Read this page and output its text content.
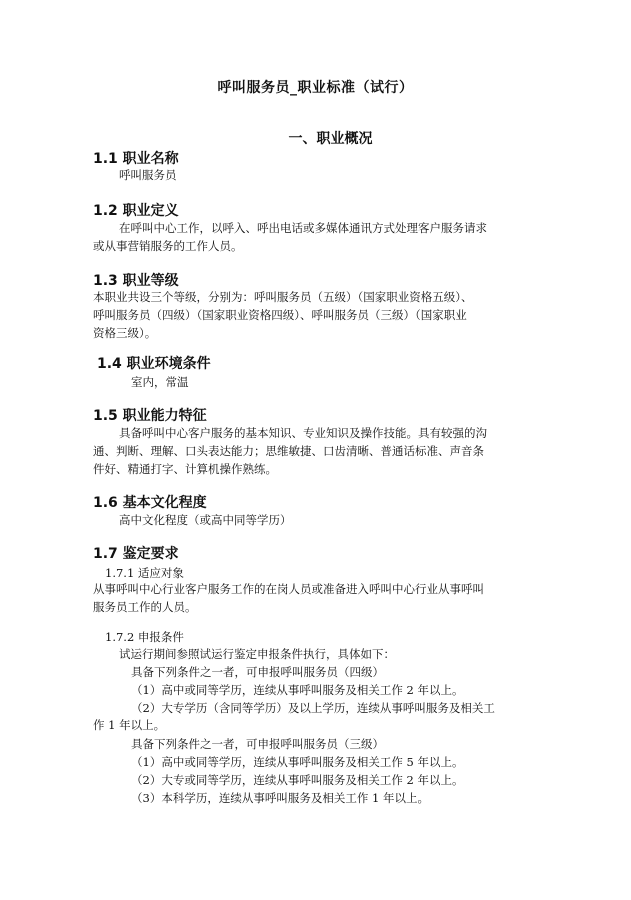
呼叫服务员_职业标准（试行）
一、职业概况
1.1 职业名称
呼叫服务员
1.2 职业定义
在呼叫中心工作，以呼入、呼出电话或多媒体通讯方式处理客户服务请求
或从事营销服务的工作人员。
1.3 职业等级
本职业共设三个等级，分别为：呼叫服务员（五级）（国家职业资格五级）、
呼叫服务员（四级）（国家职业资格四级）、呼叫服务员（三级）（国家职业
资格三级）。
1.4 职业环境条件
室内，常温
1.5 职业能力特征
具备呼叫中心客户服务的基本知识、专业知识及操作技能。具有较强的沟
通、判断、理解、口头表达能力；思维敏捷、口齿清晰、普通话标准、声音条
件好、精通打字、计算机操作熟练。
1.6 基本文化程度
高中文化程度（或高中同等学历）
1.7 鉴定要求
1.7.1 适应对象
从事呼叫中心行业客户服务工作的在岗人员或准备进入呼叫中心行业从事呼叫
服务员工作的人员。
1.7.2 申报条件
试运行期间参照试运行鉴定申报条件执行，具体如下：
具备下列条件之一者，可申报呼叫服务员（四级）
（1）高中或同等学历，连续从事呼叫服务及相关工作 2 年以上。
（2）大专学历（含同等学历）及以上学历，连续从事呼叫服务及相关工
作 1 年以上。
具备下列条件之一者，可申报呼叫服务员（三级）
（1）高中或同等学历，连续从事呼叫服务及相关工作 5 年以上。
（2）大专或同等学历，连续从事呼叫服务及相关工作 2 年以上。
（3）本科学历，连续从事呼叫服务及相关工作 1 年以上。
